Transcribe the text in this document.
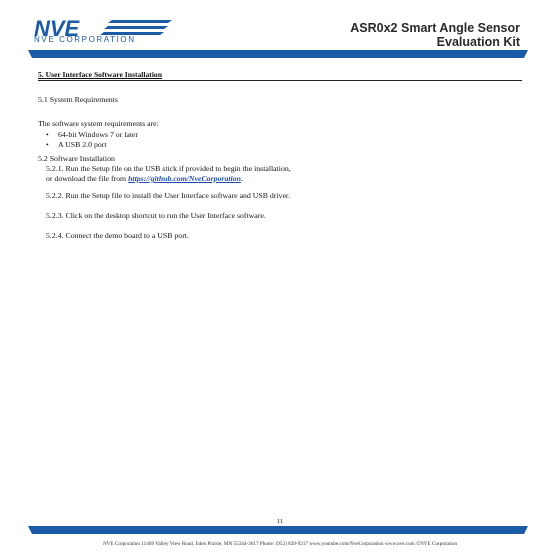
NVE
NVE CORPORATION
ASR0x2 Smart Angle Sensor
Evaluation Kit
5. User Interface Software Installation
5.1 System Requirements
The software system requirements are:
• 64-bit Windows 7 or later
• A USB 2.0 port
5.2 Software Installation
5.2.1. Run the Setup file on the USB stick if provided to begin the installation,
or download the file from https://github.com/NveCorporation.
5.2.2. Run the Setup file to install the User Interface software and USB driver.
5.2.3. Click on the desktop shortcut to run the User Interface software.
5.2.4. Connect the demo board to a USB port.
11
NVE Corporation 11409 Valley View Road, Eden Prairie, MN 55344-3617 Phone: (952) 829-9217 www.youtube.com/NveCorporation www.nve.com ©NVE Corporation
